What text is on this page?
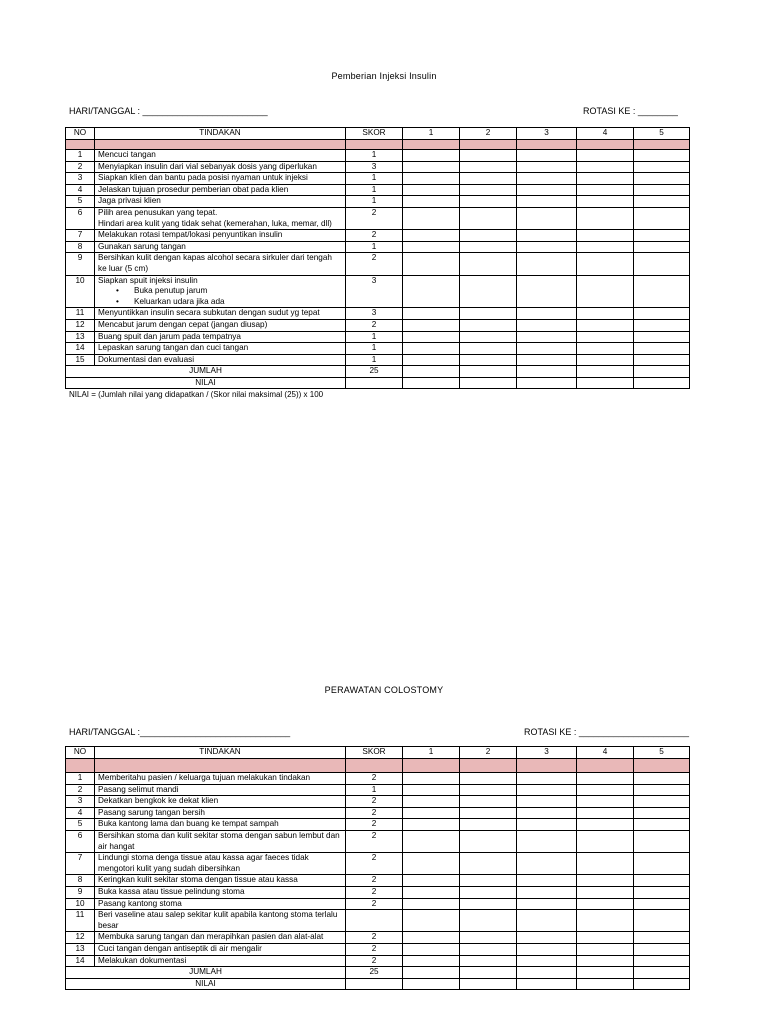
Pemberian Injeksi Insulin
HARI/TANGGAL : _________________________	ROTASI KE : ________
NO	TINDAKAN	SKOR	1	2	3	4	5

1	Mencuci tangan	1					
2	Menyiapkan insulin dari vial sebanyak dosis yang diperlukan	3					
3	Siapkan klien dan bantu pada posisi nyaman untuk injeksi	1					
4	Jelaskan tujuan prosedur pemberian obat pada klien	1					
5	Jaga privasi klien	1					
6	Pilih area penusukan yang tepat.
Hindari area kulit yang tidak sehat (kemerahan, luka, memar, dll)	2					
7	Melakukan rotasi tempat/lokasi penyuntikan insulin	2					
8	Gunakan sarung tangan	1					
9	Bersihkan kulit dengan kapas alcohol secara sirkuler dari tengah ke luar (5 cm)	2					
10	Siapkan spuit injeksi insulin
• Buka penutup jarum
• Keluarkan udara jika ada	3					
11	Menyuntikkan insulin secara subkutan dengan sudut yg tepat	3					
12	Mencabut jarum dengan cepat (jangan diusap)	2					
13	Buang spuit dan jarum pada tempatnya	1					
14	Lepaskan sarung tangan dan cuci tangan	1					
15	Dokumentasi dan evaluasi	1					
JUMLAH		25					
NILAI							
NILAI = (Jumlah nilai yang didapatkan / (Skor nilai maksimal (25)) x 100
PERAWATAN COLOSTOMY
HARI/TANGGAL :______________________________	ROTASI KE : ______________________
NO	TINDAKAN	SKOR	1	2	3	4	5

1	Memberitahu pasien / keluarga tujuan melakukan tindakan	2					
2	Pasang selimut mandi	1					
3	Dekatkan bengkok ke dekat klien	2					
4	Pasang sarung tangan bersih	2					
5	Buka kantong lama dan buang ke tempat sampah	2					
6	Bersihkan stoma dan kulit sekitar stoma dengan sabun lembut dan air hangat	2					
7	Lindungi stoma denga tissue atau kassa agar faeces tidak mengotori kulit yang sudah dibersihkan	2					
8	Keringkan kulit sekitar stoma dengan tissue atau kassa	2					
9	Buka kassa atau tissue pelindung stoma	2					
10	Pasang kantong stoma	2					
11	Beri vaseline atau salep sekitar kulit apabila kantong stoma terlalu besar						

12	Membuka sarung tangan dan merapihkan pasien dan alat-alat	2					
13	Cuci tangan dengan antiseptik di air mengalir	2					
14	Melakukan dokumentasi	2					
JUMLAH		25					
NILAI							
